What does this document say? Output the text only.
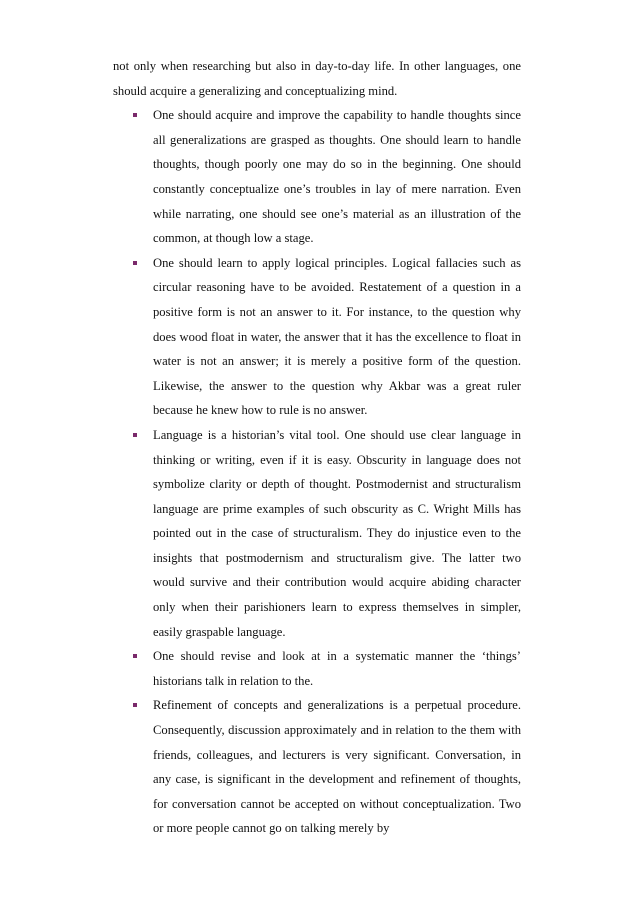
not only when researching but also in day-to-day life. In other languages, one should acquire a generalizing and conceptualizing mind.

One should acquire and improve the capability to handle thoughts since all generalizations are grasped as thoughts. One should learn to handle thoughts, though poorly one may do so in the beginning. One should constantly conceptualize one’s troubles in lay of mere narration. Even while narrating, one should see one’s material as an illustration of the common, at though low a stage.
One should learn to apply logical principles. Logical fallacies such as circular reasoning have to be avoided. Restatement of a question in a positive form is not an answer to it. For instance, to the question why does wood float in water, the answer that it has the excellence to float in water is not an answer; it is merely a positive form of the question. Likewise, the answer to the question why Akbar was a great ruler because he knew how to rule is no answer.
Language is a historian’s vital tool. One should use clear language in thinking or writing, even if it is easy. Obscurity in language does not symbolize clarity or depth of thought. Postmodernist and structuralism language are prime examples of such obscurity as C. Wright Mills has pointed out in the case of structuralism. They do injustice even to the insights that postmodernism and structuralism give. The latter two would survive and their contribution would acquire abiding character only when their parishioners learn to express themselves in simpler, easily graspable language.
One should revise and look at in a systematic manner the ‘things’ historians talk in relation to the.
Refinement of concepts and generalizations is a perpetual procedure. Consequently, discussion approximately and in relation to the them with friends, colleagues, and lecturers is very significant. Conversation, in any case, is significant in the development and refinement of thoughts, for conversation cannot be accepted on without conceptualization. Two or more people cannot go on talking merely by
